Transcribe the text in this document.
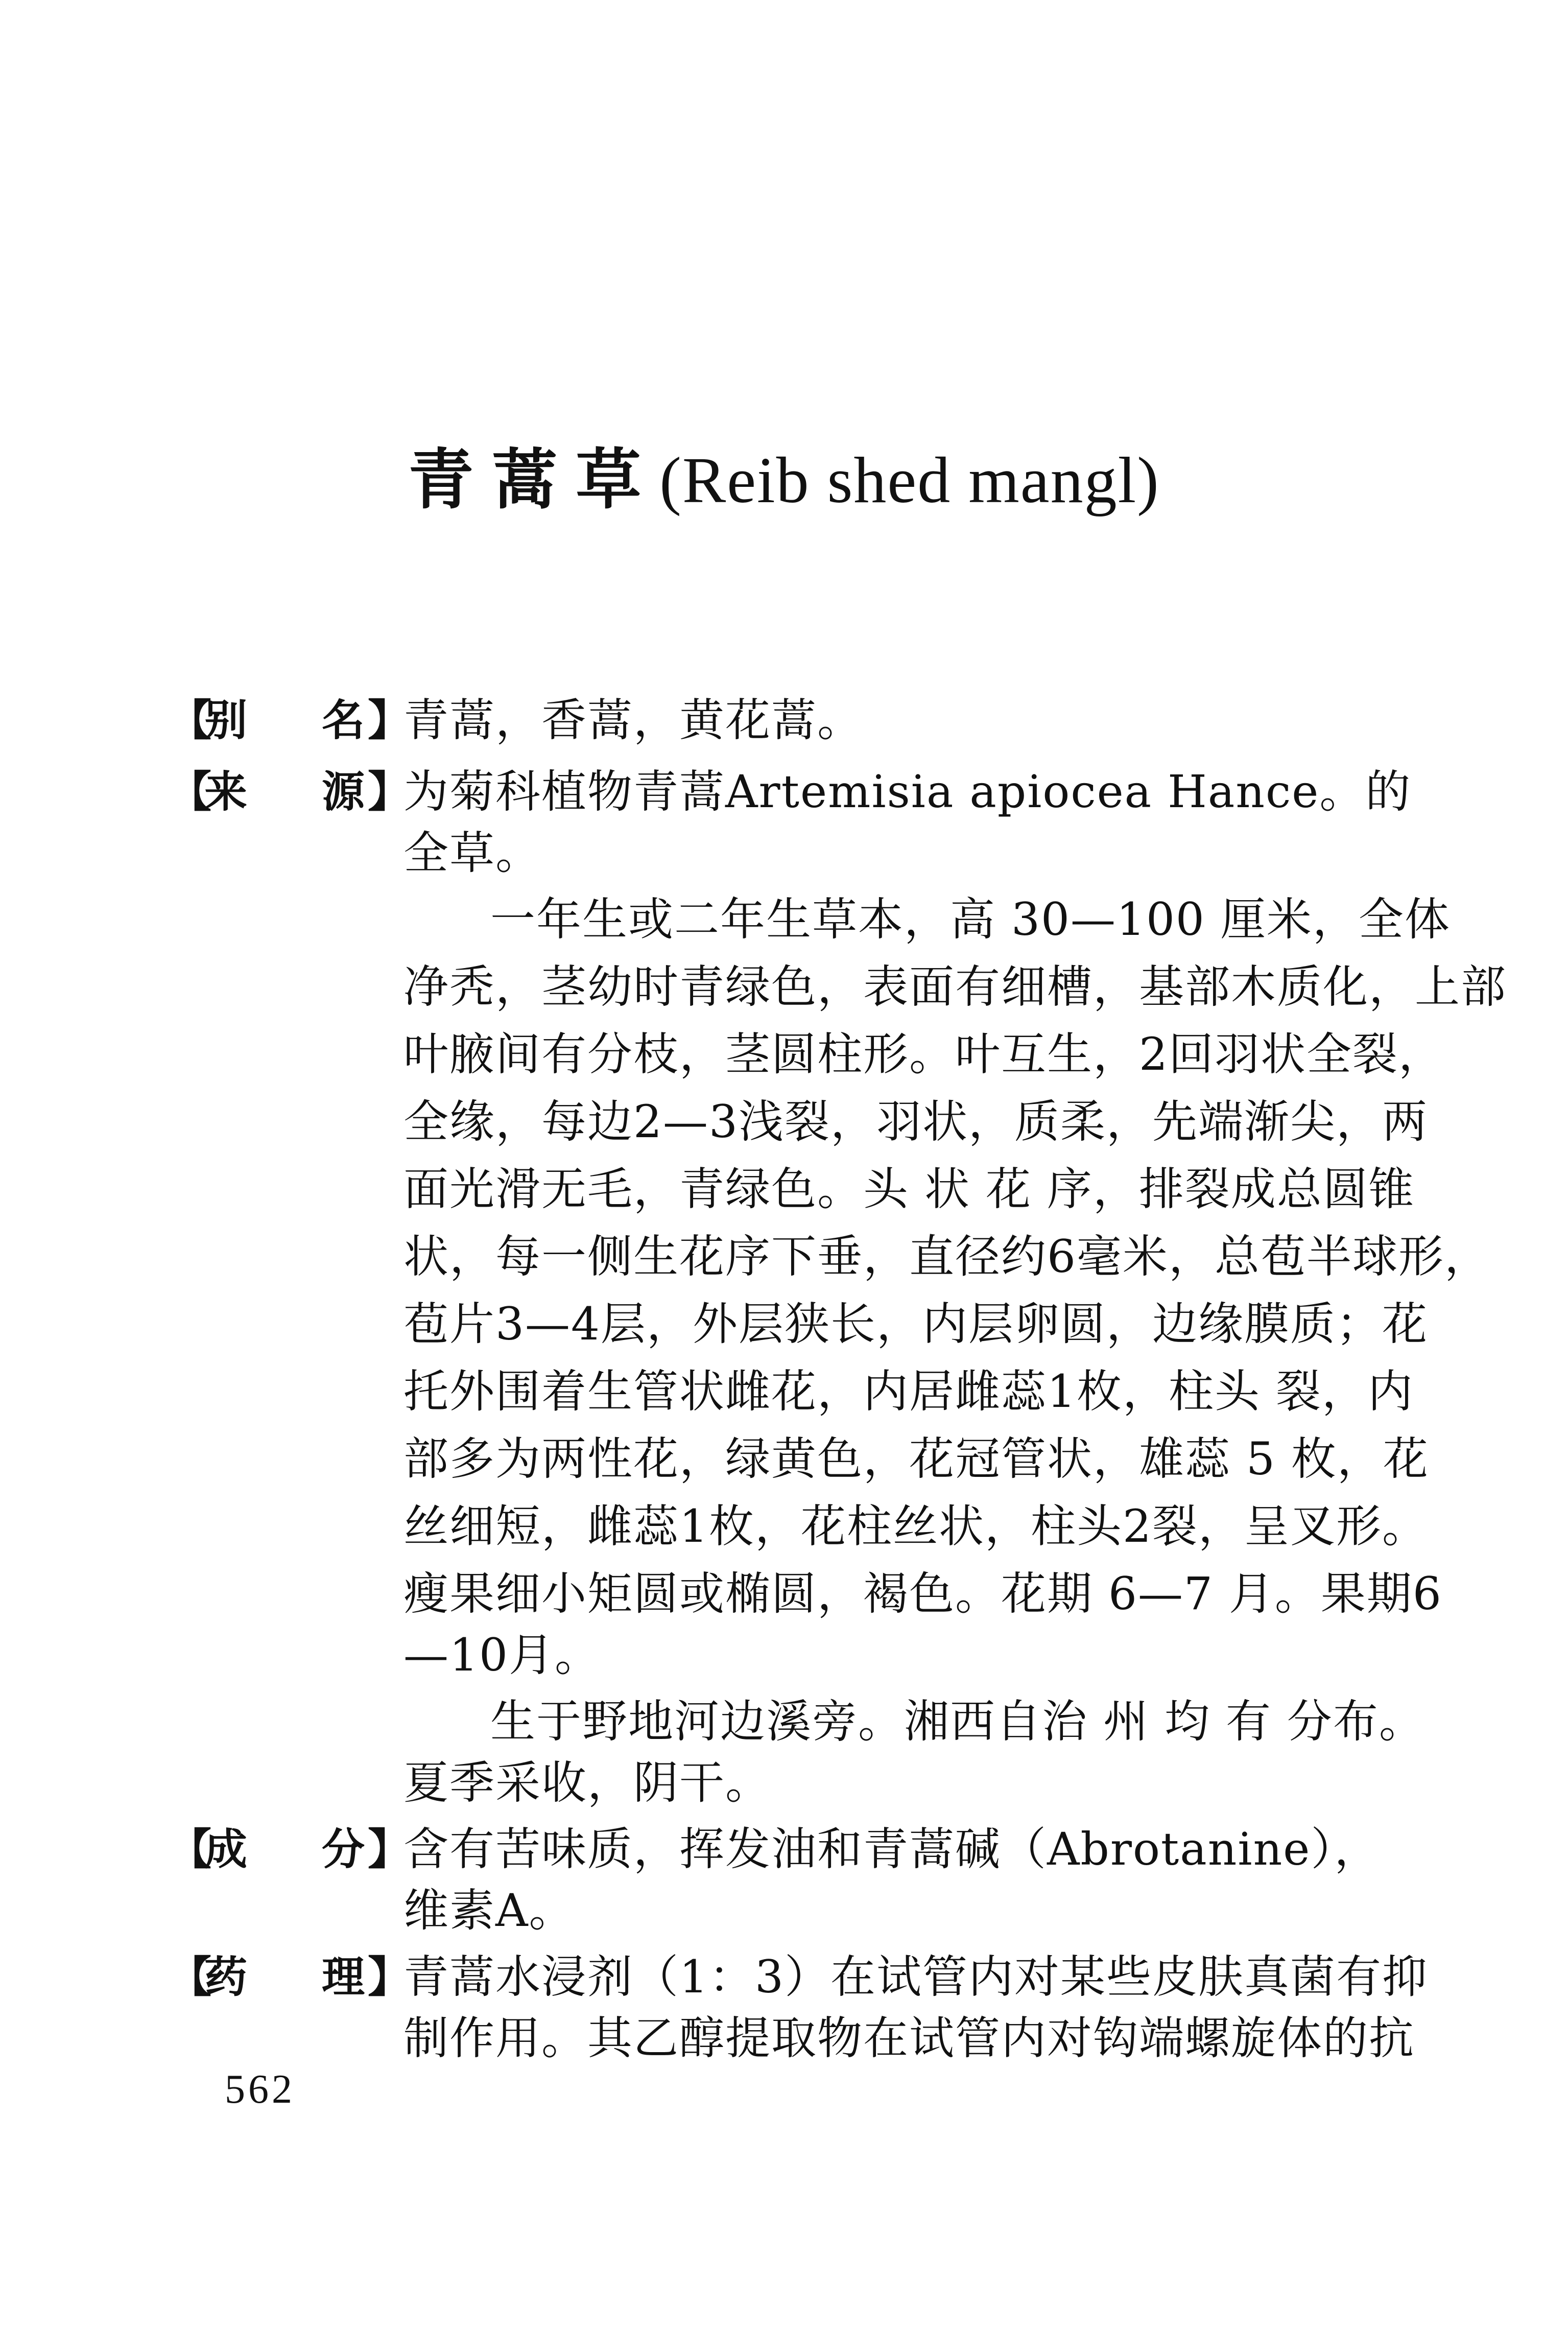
青蒿草(Reib shed mangl)
【
别 名 】
青蒿，香蒿，黄花蒿。
【
来 源 】
为菊科植物青蒿Artemisia apiocea Hance。的
全草。
一年生或二年生草本，高 30—100 厘米，全体
净秃，茎幼时青绿色，表面有细槽，基部木质化，上部
叶腋间有分枝，茎圆柱形。叶互生，2回羽状全裂，
全缘，每边2—3浅裂，羽状，质柔，先端渐尖，两
面光滑无毛，青绿色。头 状 花 序，排裂成总圆锥
状，每一侧生花序下垂，直径约6毫米，总苞半球形，
苞片3—4层，外层狭长，内层卵圆，边缘膜质；花
托外围着生管状雌花，内居雌蕊1枚，柱头 裂，内
部多为两性花，绿黄色，花冠管状，雄蕊 5 枚，花
丝细短，雌蕊1枚，花柱丝状，柱头2裂，呈叉形。
瘦果细小矩圆或椭圆，褐色。花期 6—7 月。果期6
—10月。
生于野地河边溪旁。湘西自治 州 均 有 分布。
夏季采收，阴干。
【
成 分 】
含有苦味质，挥发油和青蒿碱（Abrotanine），
维素A。
【
药 理 】
青蒿水浸剂（1：3）在试管内对某些皮肤真菌有抑
制作用。其乙醇提取物在试管内对钩端螺旋体的抗
562
